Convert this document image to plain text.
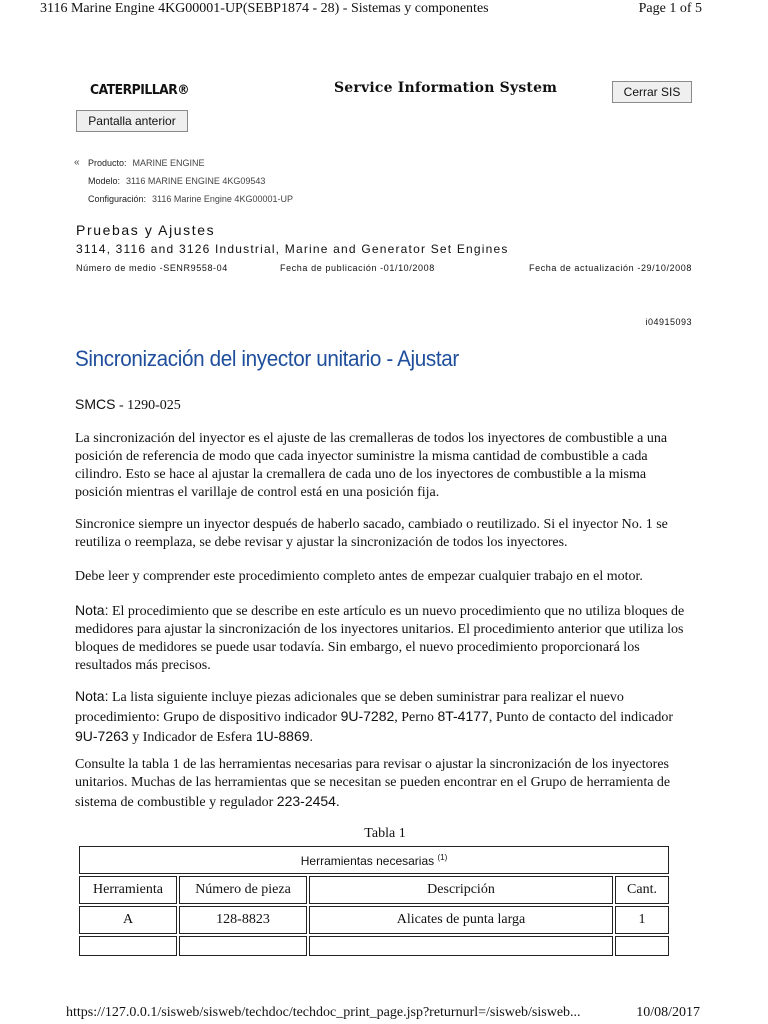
3116 Marine Engine 4KG00001-UP(SEBP1874 - 28) - Sistemas y componentes	Page 1 of 5
CATERPILLAR®	Service Information System	Cerrar SIS
Pantalla anterior
« Producto: MARINE ENGINE
Modelo: 3116 MARINE ENGINE 4KG09543
Configuración: 3116 Marine Engine 4KG00001-UP
Pruebas y Ajustes
3114, 3116 and 3126 Industrial, Marine and Generator Set Engines
Número de medio -SENR9558-04	Fecha de publicación -01/10/2008	Fecha de actualización -29/10/2008
i04915093
Sincronización del inyector unitario - Ajustar
SMCS - 1290-025

La sincronización del inyector es el ajuste de las cremalleras de todos los inyectores de combustible a una posición de referencia de modo que cada inyector suministre la misma cantidad de combustible a cada cilindro. Esto se hace al ajustar la cremallera de cada uno de los inyectores de combustible a la misma posición mientras el varillaje de control está en una posición fija.

Sincronice siempre un inyector después de haberlo sacado, cambiado o reutilizado. Si el inyector No. 1 se reutiliza o reemplaza, se debe revisar y ajustar la sincronización de todos los inyectores.

Debe leer y comprender este procedimiento completo antes de empezar cualquier trabajo en el motor.

Nota: El procedimiento que se describe en este artículo es un nuevo procedimiento que no utiliza bloques de medidores para ajustar la sincronización de los inyectores unitarios. El procedimiento anterior que utiliza los bloques de medidores se puede usar todavía. Sin embargo, el nuevo procedimiento proporcionará los resultados más precisos.

Nota: La lista siguiente incluye piezas adicionales que se deben suministrar para realizar el nuevo procedimiento: Grupo de dispositivo indicador 9U-7282, Perno 8T-4177, Punto de contacto del indicador 9U-7263 y Indicador de Esfera 1U-8869.

Consulte la tabla 1 de las herramientas necesarias para revisar o ajustar la sincronización de los inyectores unitarios. Muchas de las herramientas que se necesitan se pueden encontrar en el Grupo de herramienta de sistema de combustible y regulador 223-2454.

Tabla 1
Herramientas necesarias $^{(1)}$
Herramienta	Número de pieza	Descripción	Cant.
A	128-8823	Alicates de punta larga	1

https://127.0.0.1/sisweb/sisweb/techdoc/techdoc_print_page.jsp?returnurl=/sisweb/sisweb...	10/08/2017
